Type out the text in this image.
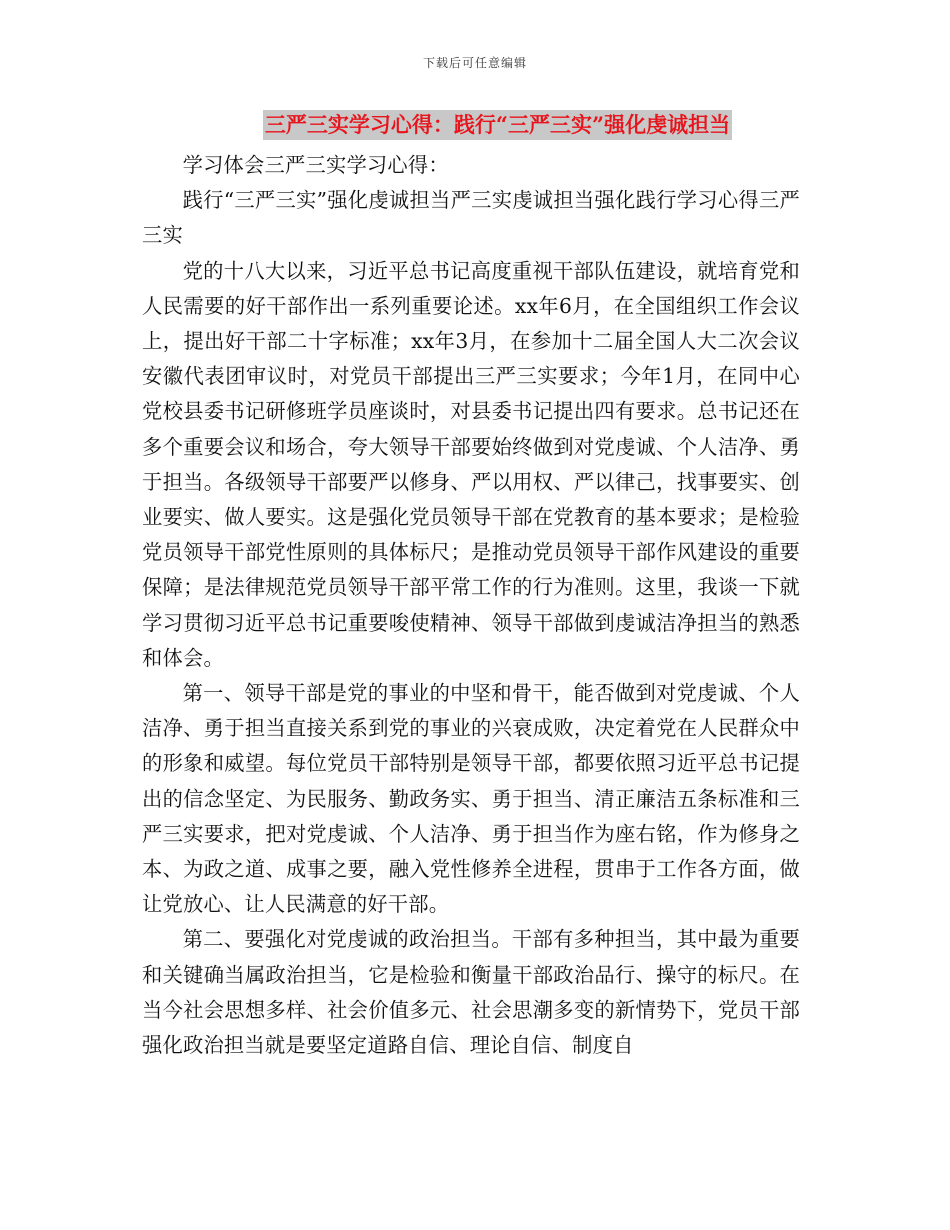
下载后可任意编辑
三严三实学习心得：践行“三严三实”强化虔诚担当

学习体会三严三实学习心得：

践行“三严三实”强化虔诚担当严三实虔诚担当强化践行学习心得三严三实

党的十八大以来，习近平总书记高度重视干部队伍建设，就培育党和人民需要的好干部作出一系列重要论述。xx年6月，在全国组织工作会议上，提出好干部二十字标准；xx年3月，在参加十二届全国人大二次会议安徽代表团审议时，对党员干部提出三严三实要求；今年1月，在同中心党校县委书记研修班学员座谈时，对县委书记提出四有要求。总书记还在多个重要会议和场合，夸大领导干部要始终做到对党虔诚、个人洁净、勇于担当。各级领导干部要严以修身、严以用权、严以律己，找事要实、创业要实、做人要实。这是强化党员领导干部在党教育的基本要求；是检验党员领导干部党性原则的具体标尺；是推动党员领导干部作风建设的重要保障；是法律规范党员领导干部平常工作的行为准则。这里，我谈一下就学习贯彻习近平总书记重要唆使精神、领导干部做到虔诚洁净担当的熟悉和体会。

第一、领导干部是党的事业的中坚和骨干，能否做到对党虔诚、个人洁净、勇于担当直接关系到党的事业的兴衰成败，决定着党在人民群众中的形象和威望。每位党员干部特别是领导干部，都要依照习近平总书记提出的信念坚定、为民服务、勤政务实、勇于担当、清正廉洁五条标准和三严三实要求，把对党虔诚、个人洁净、勇于担当作为座右铭，作为修身之本、为政之道、成事之要，融入党性修养全进程，贯串于工作各方面，做让党放心、让人民满意的好干部。

第二、要强化对党虔诚的政治担当。干部有多种担当，其中最为重要和关键确当属政治担当，它是检验和衡量干部政治品行、操守的标尺。在当今社会思想多样、社会价值多元、社会思潮多变的新情势下，党员干部强化政治担当就是要坚定道路自信、理论自信、制度自
